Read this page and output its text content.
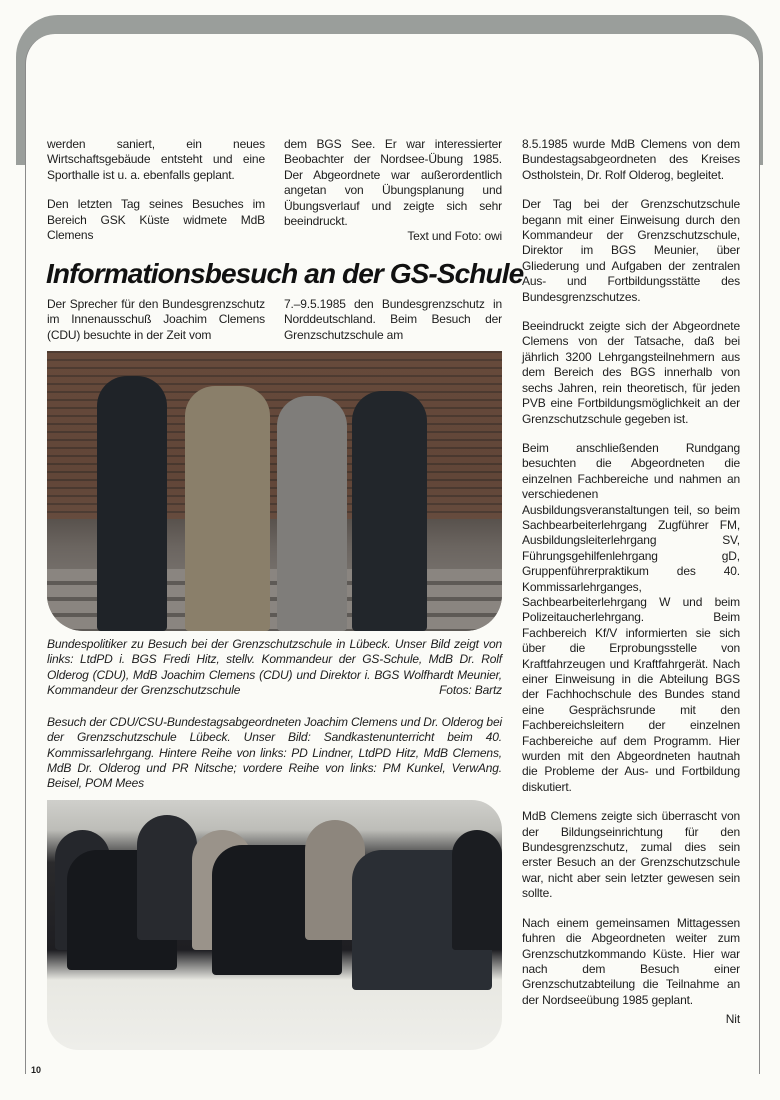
werden saniert, ein neues Wirtschaftsgebäude entsteht und eine Sporthalle ist u. a. ebenfalls geplant.

Den letzten Tag seines Besuches im Bereich GSK Küste widmete MdB Clemens

dem BGS See. Er war interessierter Beobachter der Nordsee-Übung 1985. Der Abgeordnete war außerordentlich angetan von Übungsplanung und Übungsverlauf und zeigte sich sehr beeindruckt.
Text und Foto: owi
Informationsbesuch an der GS-Schule
Der Sprecher für den Bundesgrenzschutz im Innenausschuß Joachim Clemens (CDU) besuchte in der Zeit vom
7.–9.5.1985 den Bundesgrenzschutz in Norddeutschland. Beim Besuch der Grenzschutzschule am
Bundespolitiker zu Besuch bei der Grenzschutzschule in Lübeck. Unser Bild zeigt von links: LtdPD i. BGS Fredi Hitz, stellv. Kommandeur der GS-Schule, MdB Dr. Rolf Olderog (CDU), MdB Joachim Clemens (CDU) und Direktor i. BGS Wolfhardt Meunier, Kommandeur der Grenzschutzschule	Fotos: Bartz
Besuch der CDU/CSU-Bundestagsabgeordneten Joachim Clemens und Dr. Olderog bei der Grenzschutzschule Lübeck. Unser Bild: Sandkastenunterricht beim 40. Kommissarlehrgang. Hintere Reihe von links: PD Lindner, LtdPD Hitz, MdB Clemens, MdB Dr. Olderog und PR Nitsche; vordere Reihe von links: PM Kunkel, VerwAng. Beisel, POM Mees

8.5.1985 wurde MdB Clemens von dem Bundestagsabgeordneten des Kreises Ostholstein, Dr. Rolf Olderog, begleitet.

Der Tag bei der Grenzschutzschule begann mit einer Einweisung durch den Kommandeur der Grenzschutzschule, Direktor im BGS Meunier, über Gliederung und Aufgaben der zentralen Aus- und Fortbildungsstätte des Bundesgrenzschutzes.

Beeindruckt zeigte sich der Abgeordnete Clemens von der Tatsache, daß bei jährlich 3200 Lehrgangsteilnehmern aus dem Bereich des BGS innerhalb von sechs Jahren, rein theoretisch, für jeden PVB eine Fortbildungsmöglichkeit an der Grenzschutzschule gegeben ist.

Beim anschließenden Rundgang besuchten die Abgeordneten die einzelnen Fachbereiche und nahmen an verschiedenen Ausbildungsveranstaltungen teil, so beim Sachbearbeiterlehrgang Zugführer FM, Ausbildungsleiterlehrgang SV, Führungsgehilfenlehrgang gD, Gruppenführerpraktikum des 40. Kommissarlehrganges, Sachbearbeiterlehrgang W und beim Polizeitaucherlehrgang. Beim Fachbereich Kf/V informierten sie sich über die Erprobungsstelle von Kraftfahrzeugen und Kraftfahrgerät. Nach einer Einweisung in die Abteilung BGS der Fachhochschule des Bundes stand eine Gesprächsrunde mit den Fachbereichsleitern der einzelnen Fachbereiche auf dem Programm. Hier wurden mit den Abgeordneten hautnah die Probleme der Aus- und Fortbildung diskutiert.

MdB Clemens zeigte sich überrascht von der Bildungseinrichtung für den Bundesgrenzschutz, zumal dies sein erster Besuch an der Grenzschutzschule war, nicht aber sein letzter gewesen sein sollte.

Nach einem gemeinsamen Mittagessen fuhren die Abgeordneten weiter zum Grenzschutzkommando Küste. Hier war nach dem Besuch einer Grenzschutzabteilung die Teilnahme an der Nordseeübung 1985 geplant.

Nit
10
